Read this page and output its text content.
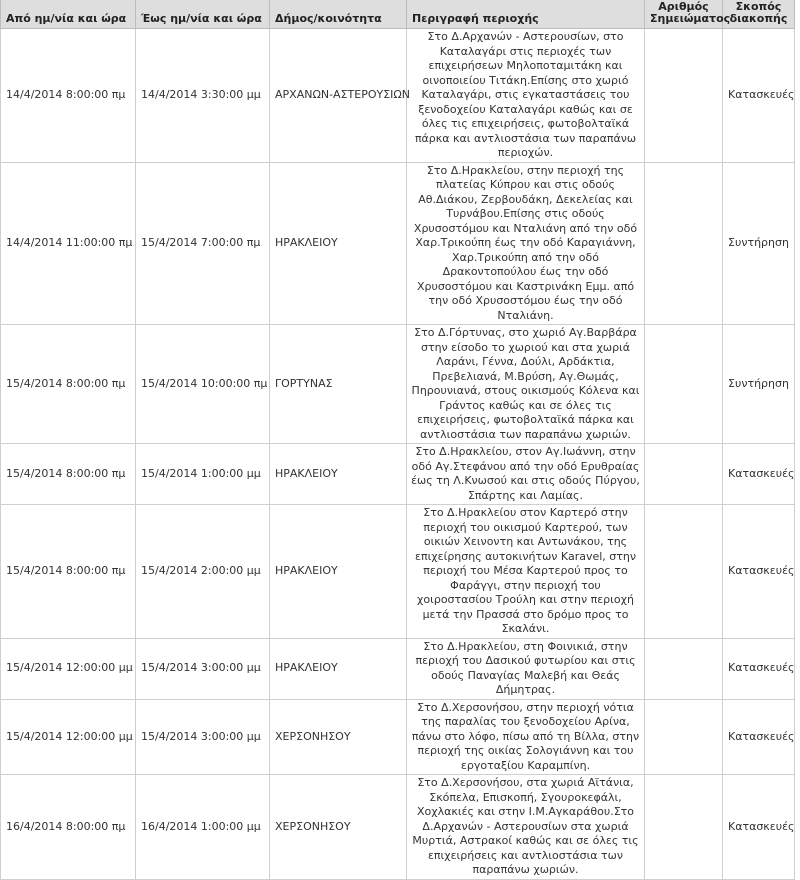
Από ημ/νία και ώρα	Έως ημ/νία και ώρα	Δήμος/κοινότητα	Περιγραφή περιοχής	Αριθμός Σημειώματος	Σκοπός διακοπής
14/4/2014 8:00:00 πμ	14/4/2014 3:30:00 μμ	ΑΡΧΑΝΩΝ-ΑΣΤΕΡΟΥΣΙΩΝ	Στο Δ.Αρχανών - Αστερουσίων, στο Καταλαγάρι στις περιοχές των επιχειρήσεων Μηλοποταμιτάκη και οινοποιείου Τιτάκη.Επίσης στο χωριό Καταλαγάρι, στις εγκαταστάσεις του ξενοδοχείου Καταλαγάρι καθώς και σε όλες τις επιχειρήσεις, φωτοβολταϊκά πάρκα και αντλιοστάσια των παραπάνω περιοχών.		Κατασκευές
14/4/2014 11:00:00 πμ	15/4/2014 7:00:00 πμ	ΗΡΑΚΛΕΙΟΥ	Στο Δ.Ηρακλείου, στην περιοχή της πλατείας Κύπρου και στις οδούς Αθ.Διάκου, Ζερβουδάκη, Δεκελείας και Τυρνάβου.Επίσης στις οδούς Χρυσοστόμου και Νταλιάνη από την οδό Χαρ.Τρικούπη έως την οδό Καραγιάννη, Χαρ.Τρικούπη από την οδό Δρακοντοπούλου έως την οδό Χρυσοστόμου και Καστρινάκη Εμμ. από την οδό Χρυσοστόμου έως την οδό Νταλιάνη.		Συντήρηση
15/4/2014 8:00:00 πμ	15/4/2014 10:00:00 πμ	ΓΟΡΤΥΝΑΣ	Στο Δ.Γόρτυνας, στο χωριό Αγ.Βαρβάρα στην είσοδο το χωριού και στα χωριά Λαράνι, Γέννα, Δούλι, Αρδάκτια, Πρεβελιανά, Μ.Βρύση, Αγ.Θωμάς, Πηρουνιανά, στους οικισμούς Κόλενα και Γράντος καθώς και σε όλες τις επιχειρήσεις, φωτοβολταϊκά πάρκα και αντλιοστάσια των παραπάνω χωριών.		Συντήρηση
15/4/2014 8:00:00 πμ	15/4/2014 1:00:00 μμ	ΗΡΑΚΛΕΙΟΥ	Στο Δ.Ηρακλείου, στον Αγ.Ιωάννη, στην οδό Αγ.Στεφάνου από την οδό Ερυθραίας έως τη Λ.Κνωσού και στις οδούς Πύργου, Σπάρτης και Λαμίας.		Κατασκευές
15/4/2014 8:00:00 πμ	15/4/2014 2:00:00 μμ	ΗΡΑΚΛΕΙΟΥ	Στο Δ.Ηρακλείου στον Καρτερό στην περιοχή του οικισμού Καρτερού, των οικιών Χεινοντη και Αντωνάκου, της επιχείρησης αυτοκινήτων Karavel, στην περιοχή του Μέσα Καρτερού προς το Φαράγγι, στην περιοχή του χοιροστασίου Τρούλη και στην περιοχή μετά την Πρασσά στο δρόμο προς το Σκαλάνι.		Κατασκευές
15/4/2014 12:00:00 μμ	15/4/2014 3:00:00 μμ	ΗΡΑΚΛΕΙΟΥ	Στο Δ.Ηρακλείου, στη Φοινικιά, στην περιοχή του Δασικού φυτωρίου και στις οδούς Παναγίας Μαλεβή και Θεάς Δήμητρας.		Κατασκευές
15/4/2014 12:00:00 μμ	15/4/2014 3:00:00 μμ	ΧΕΡΣΟΝΗΣΟΥ	Στο Δ.Χερσονήσου, στην περιοχή νότια της παραλίας του ξενοδοχείου Αρίνα, πάνω στο λόφο, πίσω από τη Βίλλα, στην περιοχή της οικίας Σολογιάννη και του εργοταξίου Καραμπίνη.		Κατασκευές
16/4/2014 8:00:00 πμ	16/4/2014 1:00:00 μμ	ΧΕΡΣΟΝΗΣΟΥ	Στο Δ.Χερσονήσου, στα χωριά Αϊτάνια, Σκόπελα, Επισκοπή, Σγουροκεφάλι, Χοχλακιές και στην Ι.Μ.Αγκαράθου.Στο Δ.Αρχανών - Αστερουσίων στα χωριά Μυρτιά, Αστρακοί καθώς και σε όλες τις επιχειρήσεις και αντλιοστάσια των παραπάνω χωριών.		Κατασκευές
